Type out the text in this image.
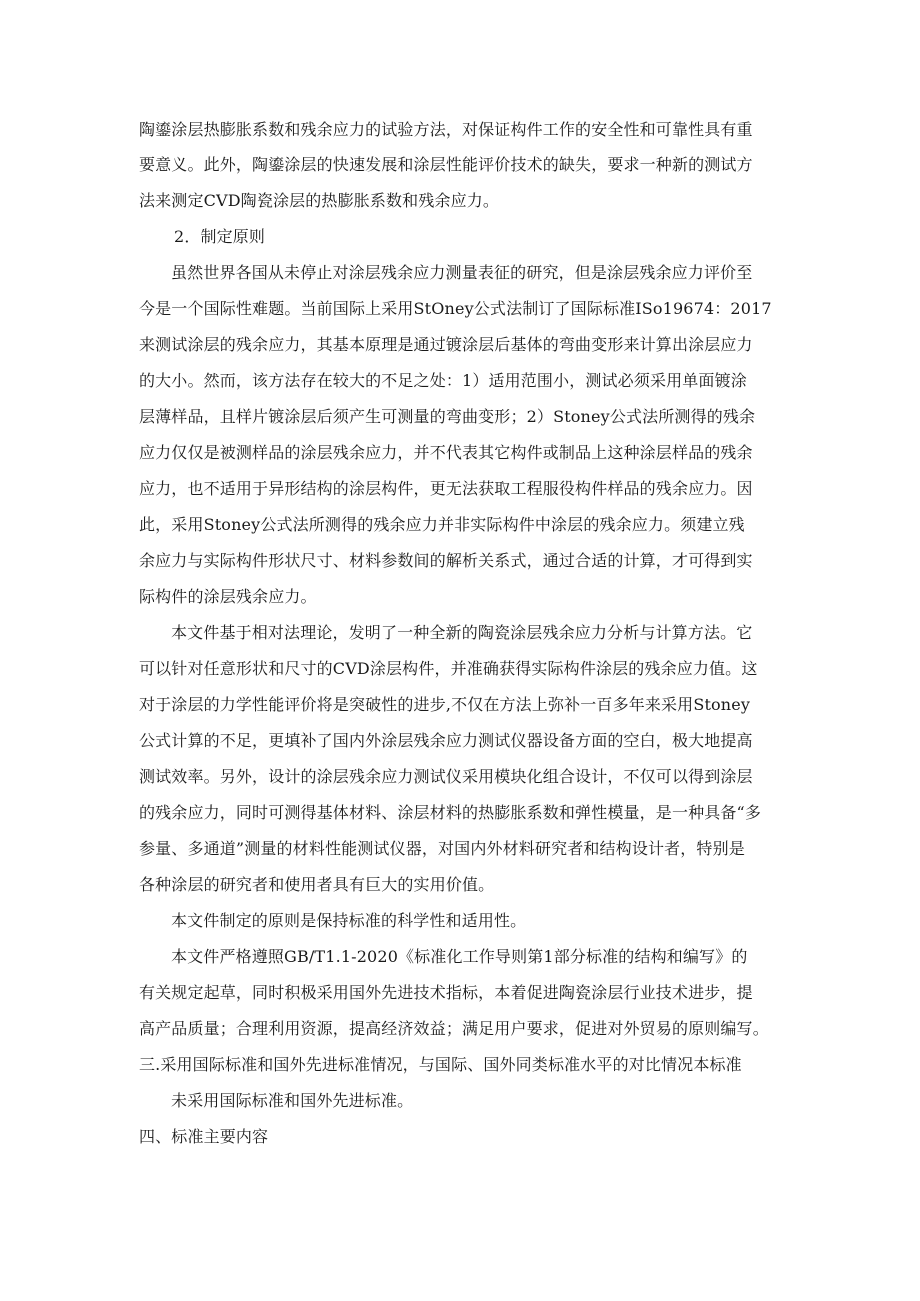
陶鎏涂层热膨胀系数和残余应力的试验方法，对保证构件工作的安全性和可靠性具有重
要意义。此外，陶鎏涂层的快速发展和涂层性能评价技术的缺失，要求一种新的测试方
法来测定CVD陶瓷涂层的热膨胀系数和残余应力。
2．制定原则
虽然世界各国从未停止对涂层残余应力测量表征的研究，但是涂层残余应力评价至
今是一个国际性难题。当前国际上采用StOney公式法制订了国际标准ISo19674：2017
来测试涂层的残余应力，其基本原理是通过镀涂层后基体的弯曲变形来计算出涂层应力
的大小。然而，该方法存在较大的不足之处：1）适用范围小，测试必须采用单面镀涂
层薄样品，且样片镀涂层后须产生可测量的弯曲变形；2）Stoney公式法所测得的残余
应力仅仅是被测样品的涂层残余应力，并不代表其它构件或制品上这种涂层样品的残余
应力，也不适用于异形结构的涂层构件，更无法获取工程服役构件样品的残余应力。因
此，采用Stoney公式法所测得的残余应力并非实际构件中涂层的残余应力。须建立残
余应力与实际构件形状尺寸、材料参数间的解析关系式，通过合适的计算，才可得到实
际构件的涂层残余应力。
本文件基于相对法理论，发明了一种全新的陶瓷涂层残余应力分析与计算方法。它
可以针对任意形状和尺寸的CVD涂层构件，并准确获得实际构件涂层的残余应力值。这
对于涂层的力学性能评价将是突破性的进步,不仅在方法上弥补一百多年来采用Stoney
公式计算的不足，更填补了国内外涂层残余应力测试仪器设备方面的空白，极大地提高
测试效率。另外，设计的涂层残余应力测试仪采用模块化组合设计，不仅可以得到涂层
的残余应力，同时可测得基体材料、涂层材料的热膨胀系数和弹性模量，是一种具备“多
参量、多通道”测量的材料性能测试仪器，对国内外材料研究者和结构设计者，特别是
各种涂层的研究者和使用者具有巨大的实用价值。
本文件制定的原则是保持标准的科学性和适用性。
本文件严格遵照GB/T1.1-2020《标准化工作导则第1部分标准的结构和编写》的
有关规定起草，同时积极采用国外先进技术指标，本着促进陶瓷涂层行业技术进步，提
高产品质量；合理利用资源，提高经济效益；满足用户要求，促进对外贸易的原则编写。
三.采用国际标准和国外先进标准情况，与国际、国外同类标准水平的对比情况本标准
未采用国际标准和国外先进标准。
四、标准主要内容
